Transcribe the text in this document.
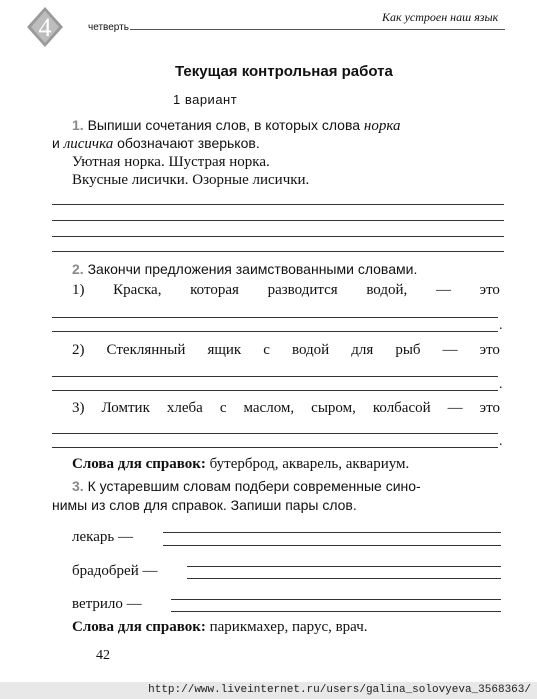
4	четверть
Как устроен наш язык
Текущая контрольная работа
1 вариант
1. Выпиши сочетания слов, в которых слова норка
и лисичка обозначают зверьков.
Уютная норка. Шустрая норка.
Вкусные лисички. Озорные лисички.
2. Закончи предложения заимствованными словами.
1) Краска, которая разводится водой, — это
.
2) Стеклянный ящик с водой для рыб — это
.
3) Ломтик хлеба с маслом, сыром, колбасой — это
.
Слова для справок: бутерброд, акварель, аквариум.
3. К устаревшим словам подбери современные сино-
нимы из слов для справок. Запиши пары слов.
лекарь —
брадобрей —
ветрило —
Слова для справок: парикмахер, парус, врач.
42
http://www.liveinternet.ru/users/galina_solovyeva_3568363/
